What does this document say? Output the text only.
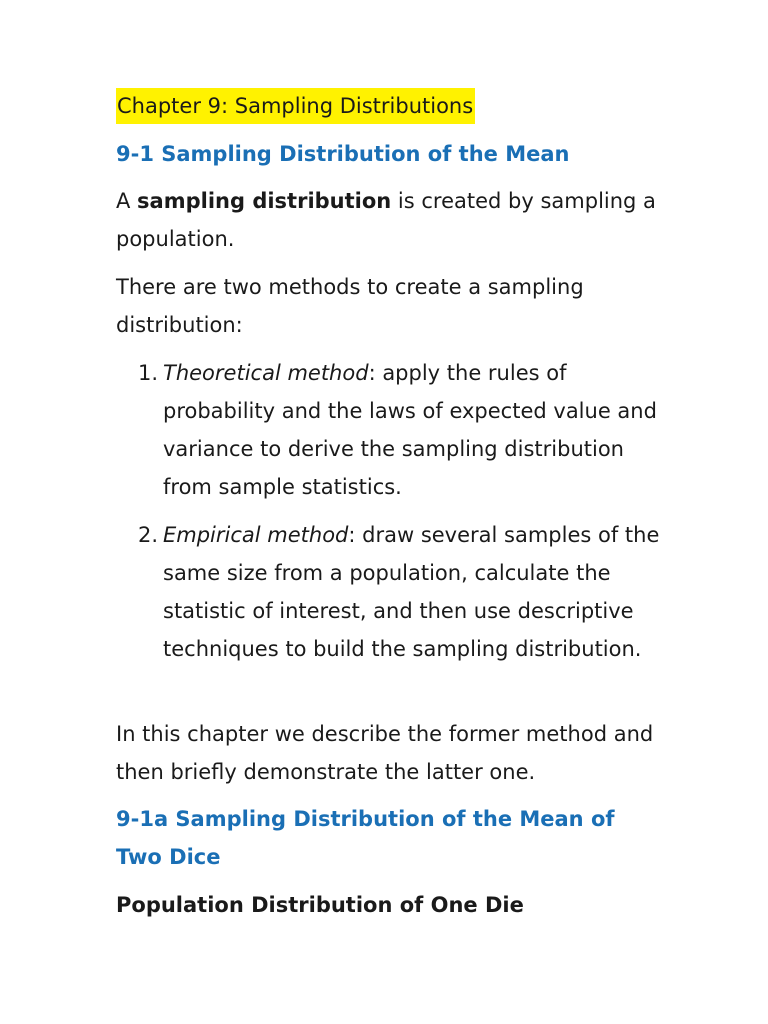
Chapter 9: Sampling Distributions
9-1 Sampling Distribution of the Mean

A sampling distribution is created by sampling a population.

There are two methods to create a sampling distribution:

1. Theoretical method: apply the rules of probability and the laws of expected value and variance to derive the sampling distribution from sample statistics.
2. Empirical method: draw several samples of the same size from a population, calculate the statistic of interest, and then use descriptive techniques to build the sampling distribution.

In this chapter we describe the former method and then briefly demonstrate the latter one.

9-1a Sampling Distribution of the Mean of
Two Dice
Population Distribution of One Die
